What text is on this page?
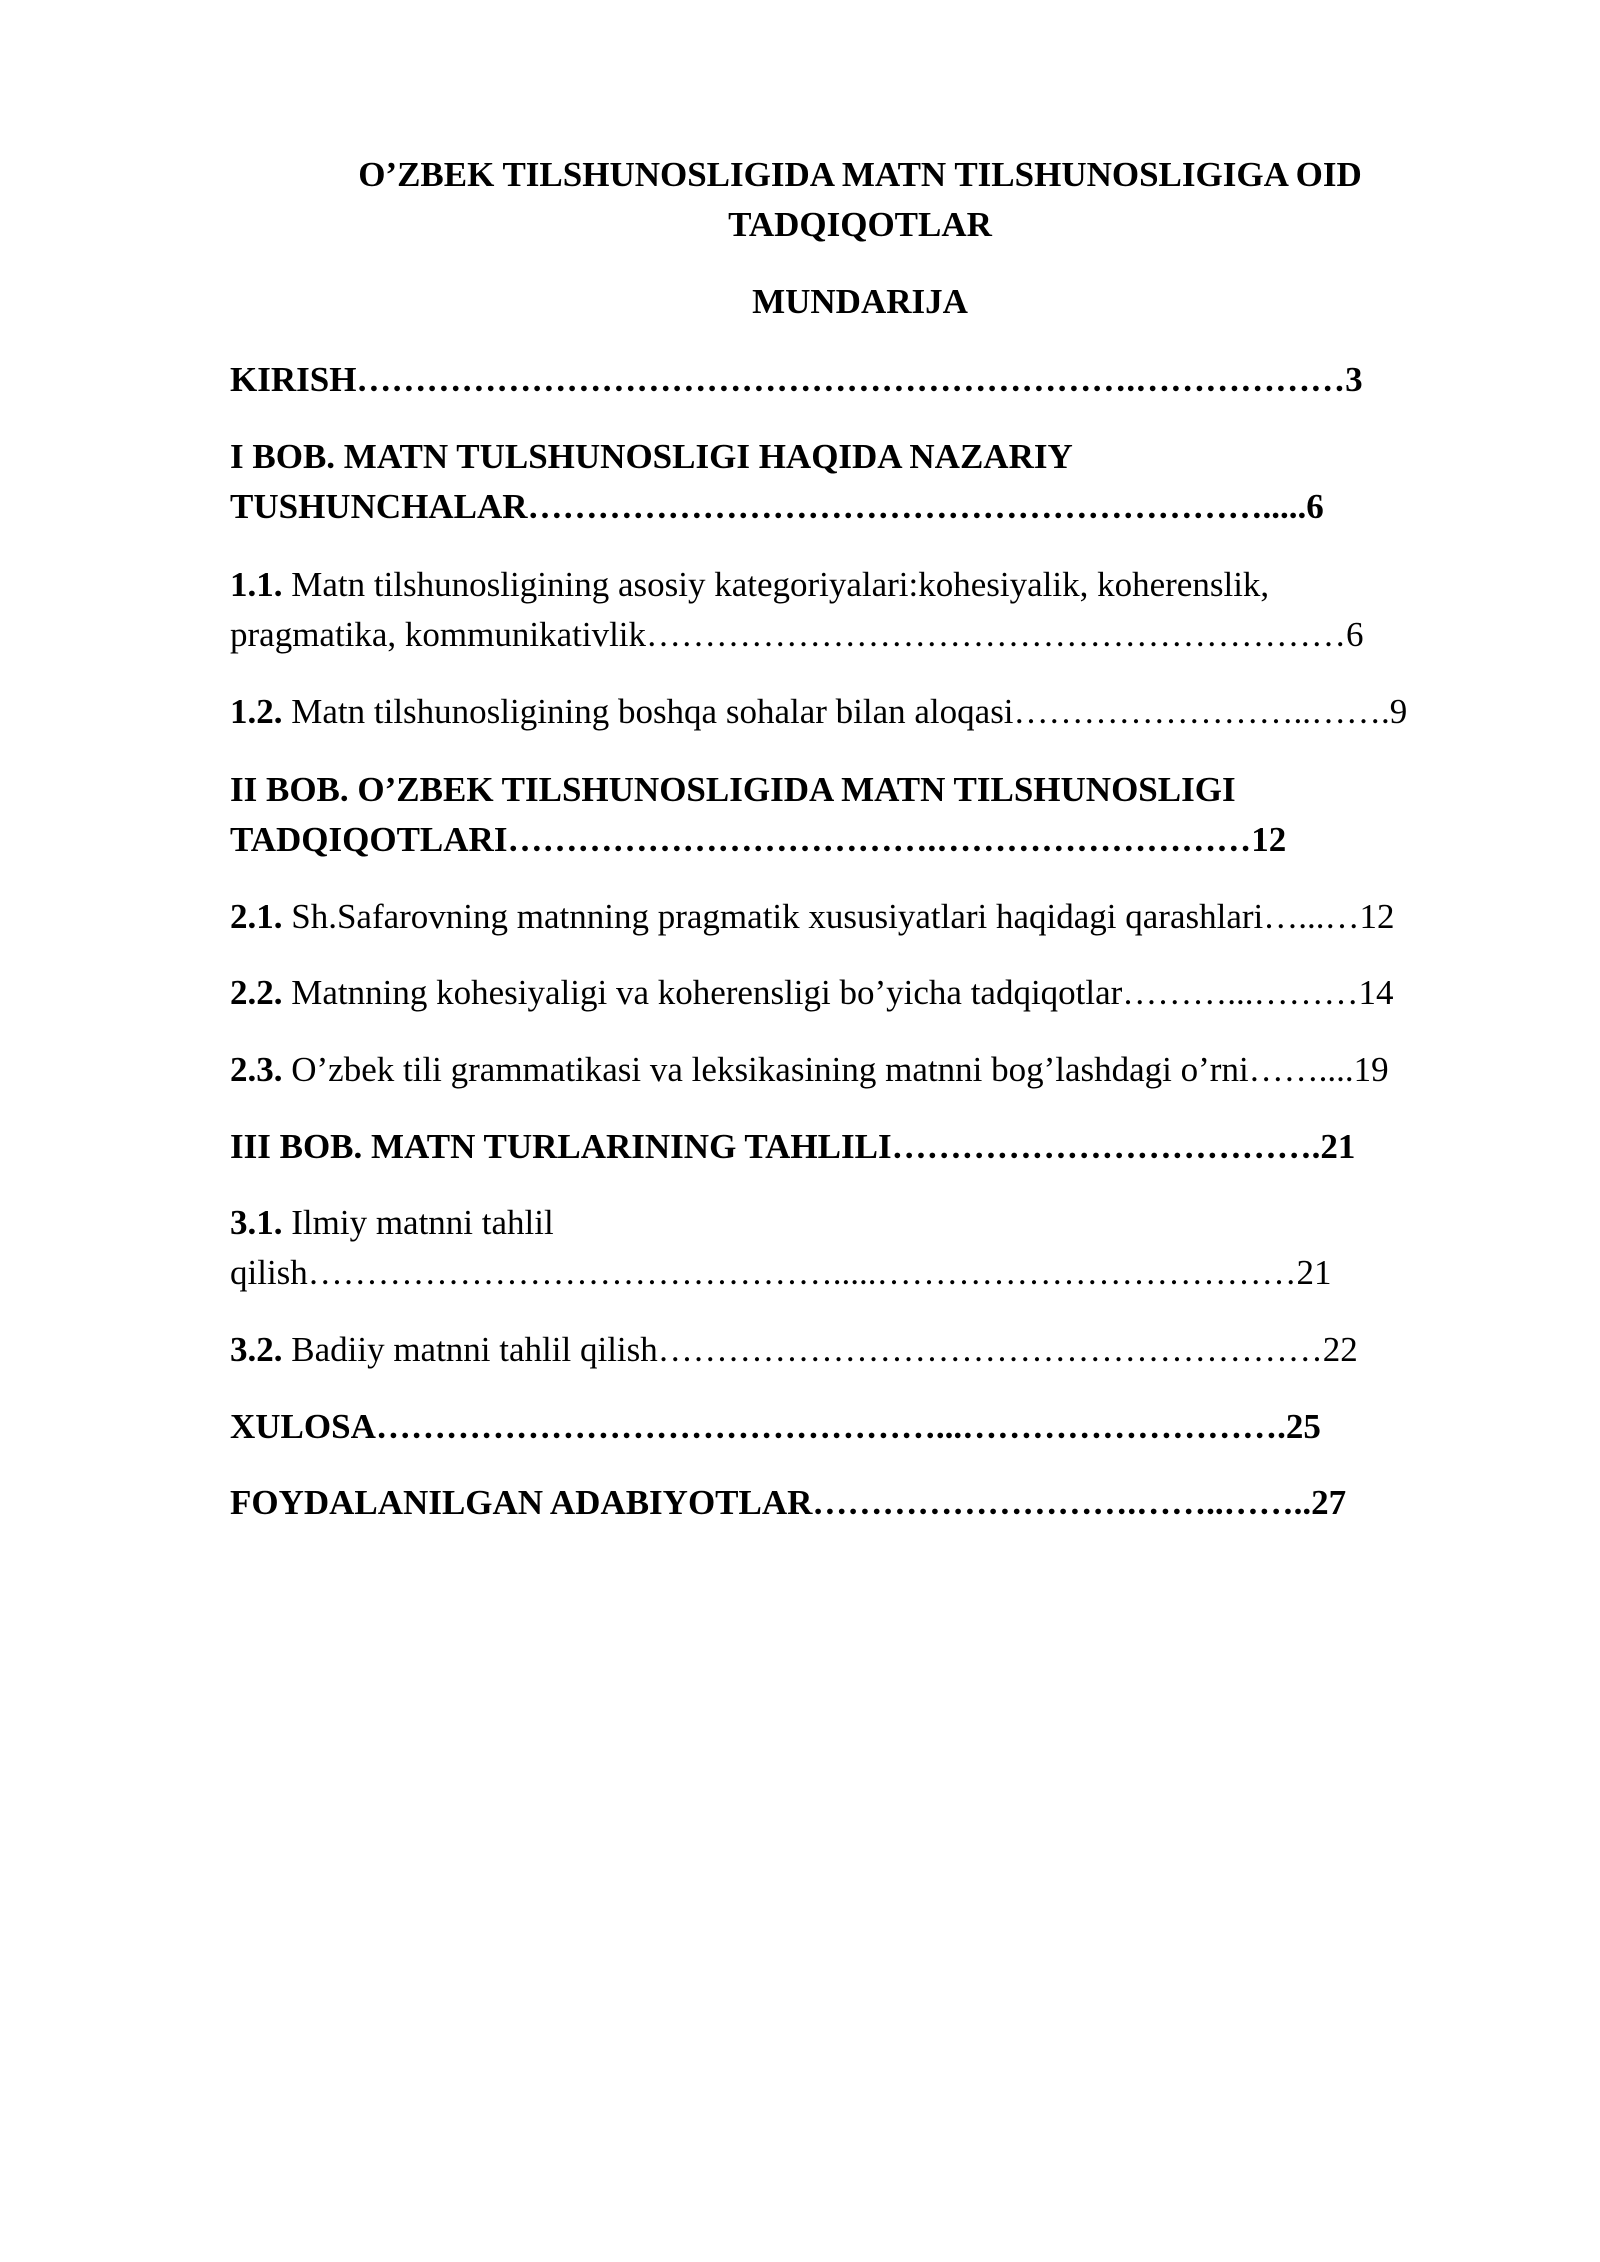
O’ZBEK TILSHUNOSLIGIDA MATN TILSHUNOSLIGIGA OID TADQIQOTLAR
MUNDARIJA

KIRISH………………………………………………………….………………3

I BOB. MATN TULSHUNOSLIGI HAQIDA NAZARIY

TUSHUNCHALAR……………………………………………………….....6

1.1. Matn tilshunosligining asosiy kategoriyalari:kohesiyalik, koherenslik,

pragmatika, kommunikativlik……………………………………………………6

1.2. Matn tilshunosligining boshqa sohalar bilan aloqasi……………………..…….9

II BOB. O’ZBEK TILSHUNOSLIGIDA MATN TILSHUNOSLIGI

TADQIQOTLARI……………………………….………………………12

2.1. Sh.Safarovning matnning pragmatik xususiyatlari haqidagi qarashlari…...…12

2.2. Matnning kohesiyaligi va koherensligi bo’yicha tadqiqotlar………...………14

2.3. O’zbek tili grammatikasi va leksikasining matnni bog’lashdagi o’rni……....19

III BOB. MATN TURLARINING TAHLILI……………………………….21

3.1. Ilmiy matnni tahlil

qilish……………………………………….....………………………………21

3.2. Badiiy matnni tahlil qilish…………………………………………………22

XULOSA…………………………………………...……………………….25

FOYDALANILGAN ADABIYOTLAR……………………….……..……..27
